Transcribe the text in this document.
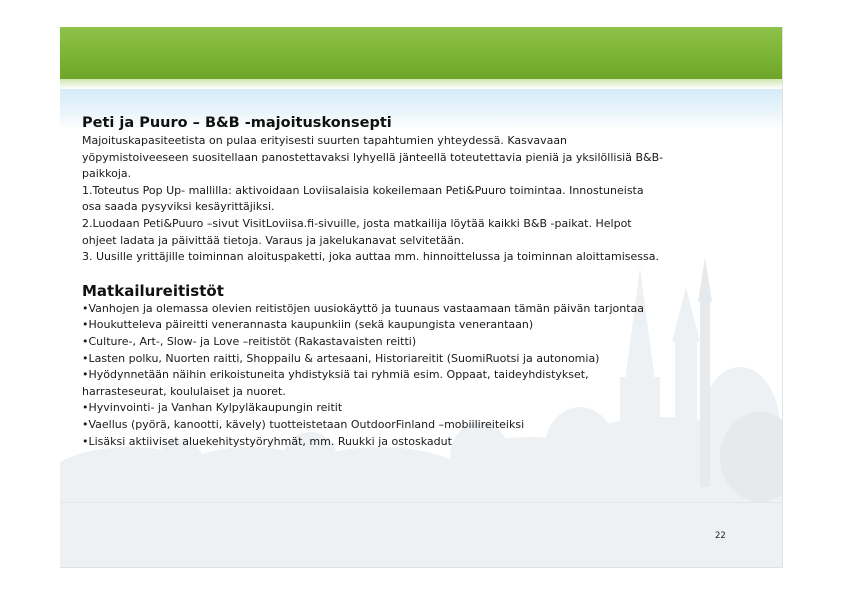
Peti ja Puuro – B&B -majoituskonsepti

Majoituskapasiteetista on pulaa erityisesti suurten tapahtumien yhteydessä. Kasvavaan

yöpymistoiveeseen suositellaan panostettavaksi lyhyellä jänteellä toteutettavia pieniä ja yksilöllisiä B&B-

paikkoja.

1.Toteutus Pop Up- mallilla: aktivoidaan Loviisalaisia kokeilemaan Peti&Puuro toimintaa. Innostuneista

osa saada pysyviksi kesäyrittäjiksi.

2.Luodaan Peti&Puuro –sivut VisitLoviisa.fi-sivuille, josta matkailija löytää kaikki B&B -paikat. Helpot

ohjeet ladata ja päivittää tietoja. Varaus ja jakelukanavat selvitetään.

3. Uusille yrittäjille toiminnan aloituspaketti, joka auttaa mm. hinnoittelussa ja toiminnan aloittamisessa.

Matkailureitistöt

•Vanhojen ja olemassa olevien reitistöjen uusiokäyttö ja tuunaus vastaamaan tämän päivän tarjontaa

•Houkutteleva päireitti venerannasta kaupunkiin (sekä kaupungista venerantaan)

•Culture-, Art-, Slow- ja Love –reitistöt (Rakastavaisten reitti)

•Lasten polku, Nuorten raitti, Shoppailu & artesaani, Historiareitit (SuomiRuotsi ja autonomia)

•Hyödynnetään näihin erikoistuneita yhdistyksiä tai ryhmiä esim. Oppaat, taideyhdistykset,

harrasteseurat, koululaiset ja nuoret.

•Hyvinvointi- ja Vanhan Kylpyläkaupungin reitit

•Vaellus (pyörä, kanootti, kävely) tuotteistetaan OutdoorFinland –mobiilireiteiksi

•Lisäksi aktiiviset aluekehitystyöryhmät, mm. Ruukki ja ostoskadut

22
